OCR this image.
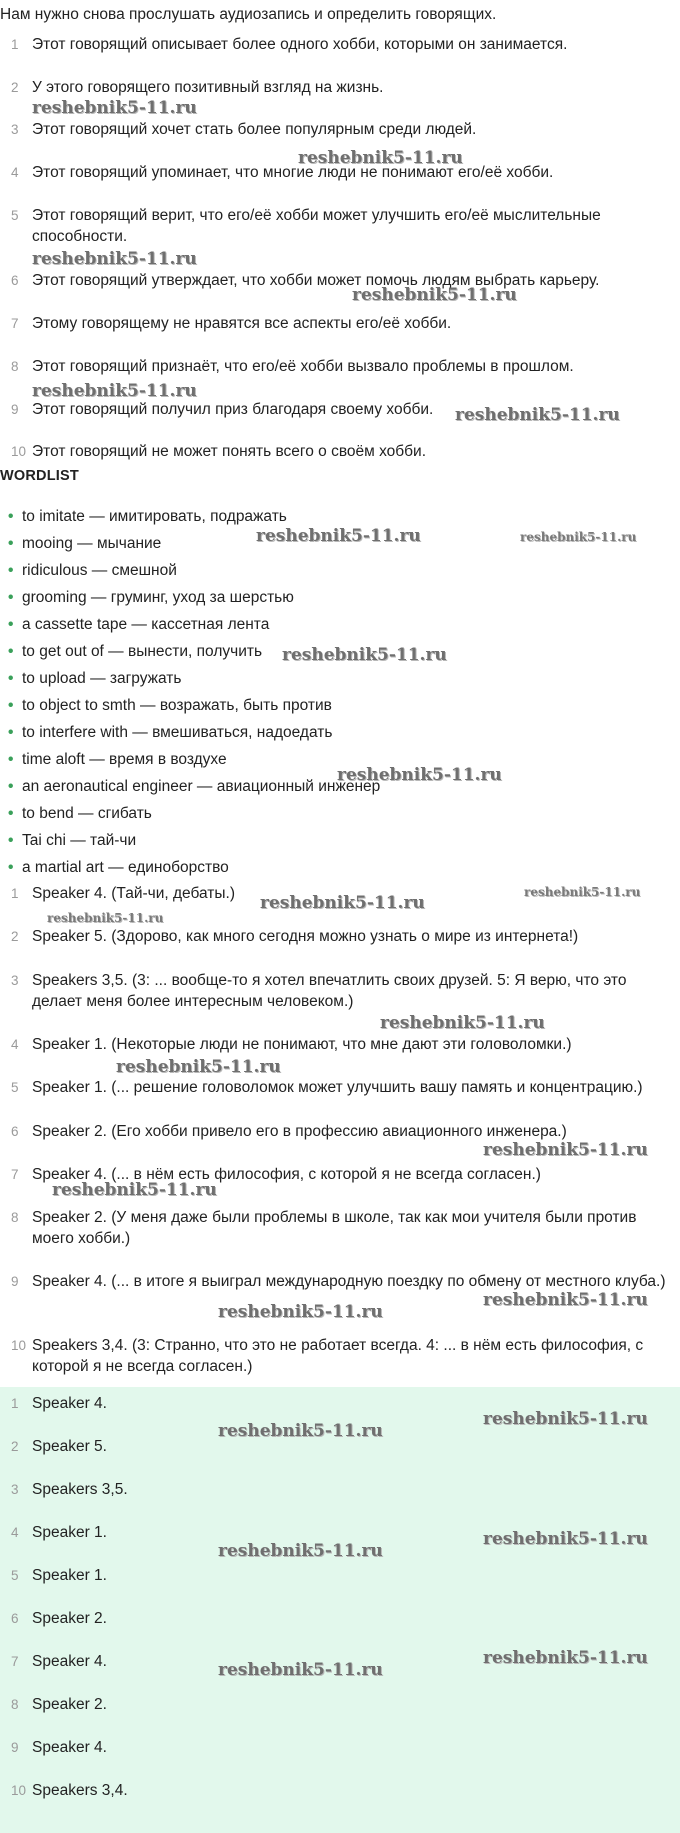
Нам нужно снова прослушать аудиозапись и определить говорящих.
1 Этот говорящий описывает более одного хобби, которыми он занимается.
2 У этого говорящего позитивный взгляд на жизнь.
3 Этот говорящий хочет стать более популярным среди людей.
4 Этот говорящий упоминает, что многие люди не понимают его/её хобби.
5 Этот говорящий верит, что его/её хобби может улучшить его/её мыслительные способности.
6 Этот говорящий утверждает, что хобби может помочь людям выбрать карьеру.
7 Этому говорящему не нравятся все аспекты его/её хобби.
8 Этот говорящий признаёт, что его/её хобби вызвало проблемы в прошлом.
9 Этот говорящий получил приз благодаря своему хобби.
10 Этот говорящий не может понять всего о своём хобби.
WORDLIST
• to imitate — имитировать, подражать
• mooing — мычание
• ridiculous — смешной
• grooming — груминг, уход за шерстью
• a cassette tape — кассетная лента
• to get out of — вынести, получить
• to upload — загружать
• to object to smth — возражать, быть против
• to interfere with — вмешиваться, надоедать
• time aloft — время в воздухе
• an aeronautical engineer — авиационный инженер
• to bend — сгибать
• Tai chi — тай-чи
• a martial art — единоборство
1 Speaker 4. (Тай-чи, дебаты.)
2 Speaker 5. (Здорово, как много сегодня можно узнать о мире из интернета!)
3 Speakers 3,5. (3: ... вообще-то я хотел впечатлить своих друзей. 5: Я верю, что это делает меня более интересным человеком.)
4 Speaker 1. (Некоторые люди не понимают, что мне дают эти головоломки.)
5 Speaker 1. (... решение головоломок может улучшить вашу память и концентрацию.)
6 Speaker 2. (Его хобби привело его в профессию авиационного инженера.)
7 Speaker 4. (... в нём есть философия, с которой я не всегда согласен.)
8 Speaker 2. (У меня даже были проблемы в школе, так как мои учителя были против моего хобби.)
9 Speaker 4. (... в итоге я выиграл международную поездку по обмену от местного клуба.)
10 Speakers 3,4. (3: Странно, что это не работает всегда. 4: ... в нём есть философия, с которой я не всегда согласен.)
1 Speaker 4.
2 Speaker 5.
3 Speakers 3,5.
4 Speaker 1.
5 Speaker 1.
6 Speaker 2.
7 Speaker 4.
8 Speaker 2.
9 Speaker 4.
10 Speakers 3,4.
reshebnik5-11.ru
reshebnik5-11.ru
reshebnik5-11.ru
reshebnik5-11.ru
reshebnik5-11.ru
reshebnik5-11.ru
reshebnik5-11.ru	reshebnik5-11.ru
reshebnik5-11.ru
reshebnik5-11.ru
reshebnik5-11.ru
reshebnik5-11.ru
reshebnik5-11.ru
reshebnik5-11.ru
reshebnik5-11.ru
reshebnik5-11.ru
reshebnik5-11.ru
reshebnik5-11.ru
reshebnik5-11.ru
reshebnik5-11.ru
reshebnik5-11.ru
reshebnik5-11.ru
reshebnik5-11.ru
reshebnik5-11.ru
reshebnik5-11.ru
